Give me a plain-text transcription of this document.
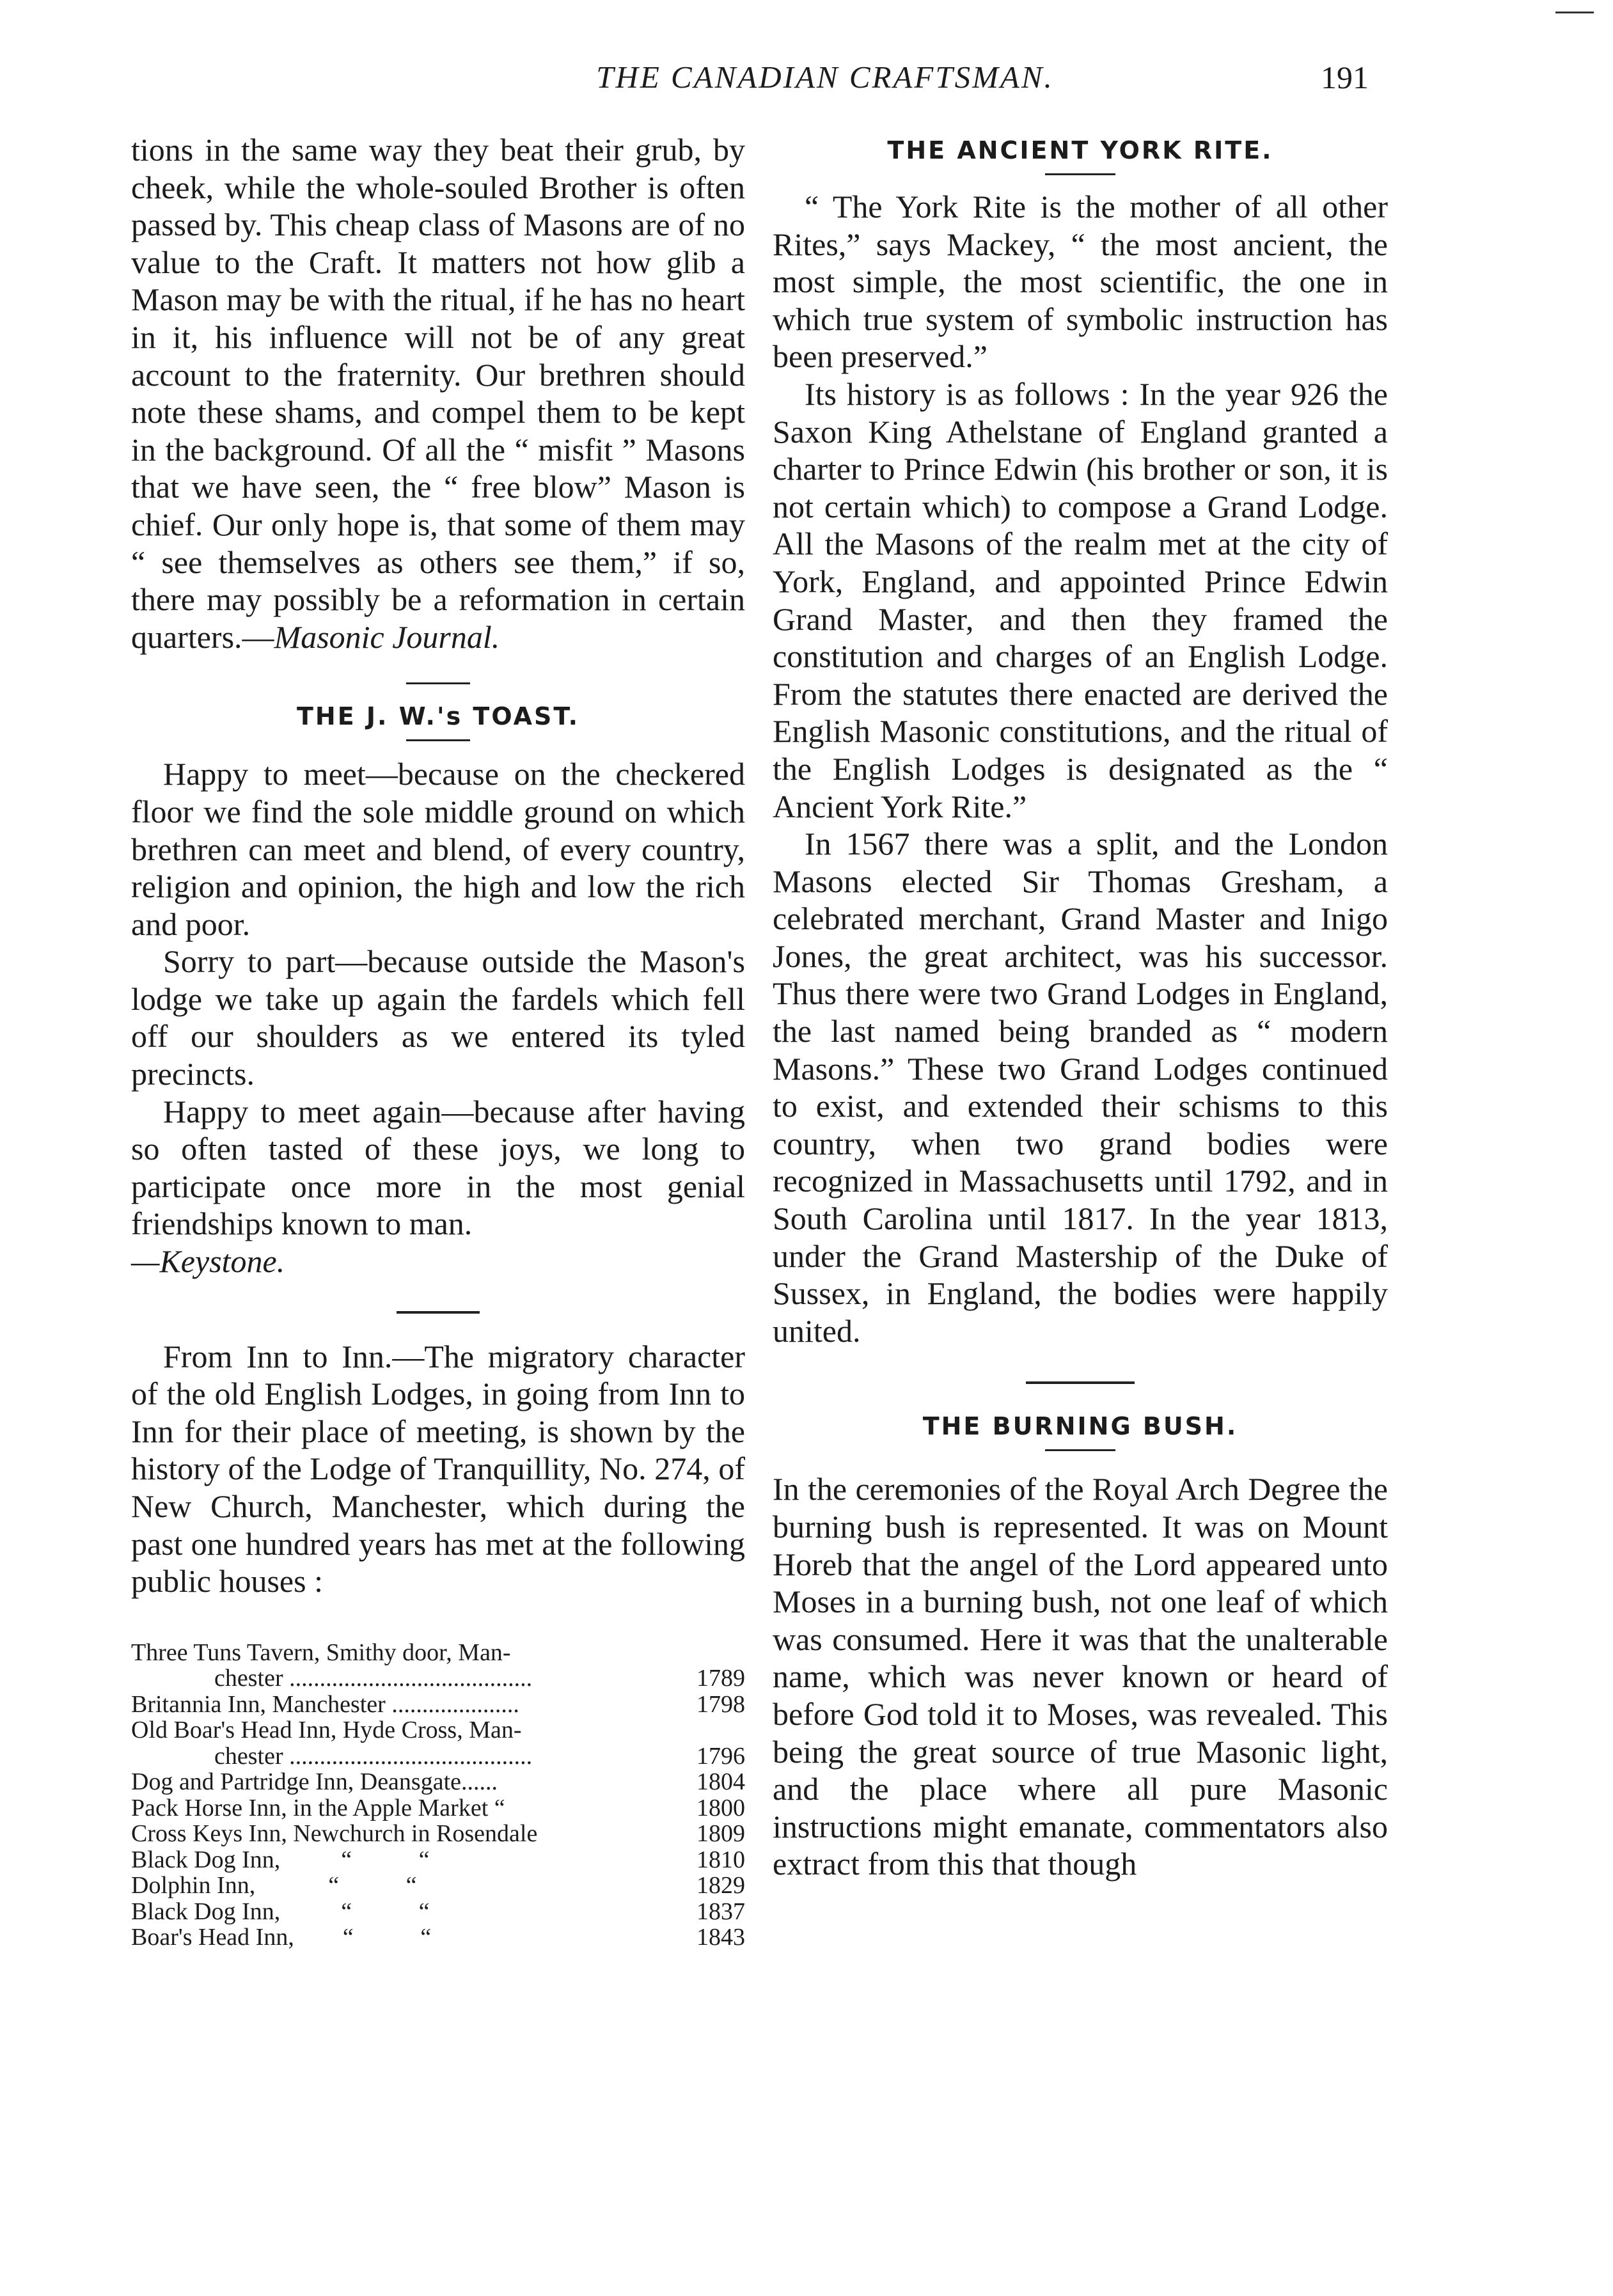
THE CANADIAN CRAFTSMAN.	191

tions in the same way they beat their grub, by cheek, while the whole-souled Brother is often passed by. This cheap class of Masons are of no value to the Craft. It matters not how glib a Mason may be with the ritual, if he has no heart in it, his influence will not be of any great account to the fraternity. Our brethren should note these shams, and compel them to be kept in the background. Of all the “ misfit ” Masons that we have seen, the “ free blow” Mason is chief. Our only hope is, that some of them may “ see themselves as others see them,” if so, there may possibly be a reformation in certain quarters.—Masonic Journal.

THE J. W.'s TOAST.

Happy to meet—because on the checkered floor we find the sole middle ground on which brethren can meet and blend, of every country, religion and opinion, the high and low the rich and poor.

Sorry to part—because outside the Mason's lodge we take up again the fardels which fell off our shoulders as we entered its tyled precincts.

Happy to meet again—because after having so often tasted of these joys, we long to participate once more in the most genial friendships known to man.

—Keystone.

From Inn to Inn.—The migratory character of the old English Lodges, in going from Inn to Inn for their place of meeting, is shown by the history of the Lodge of Tranquillity, No. 274, of New Church, Manchester, which during the past one hundred years has met at the following public houses :

Three Tuns Tavern, Smithy door, Man-
chester ........................................	1789
Britannia Inn, Manchester .....................	1798
Old Boar's Head Inn, Hyde Cross, Man-
chester ........................................	1796
Dog and Partridge Inn, Deansgate......	1804
Pack Horse Inn, in the Apple Market “	1800
Cross Keys Inn, Newchurch in Rosendale	1809
Black Dog Inn,          “           “	1810
Dolphin Inn,            “           “	1829
Black Dog Inn,          “           “	1837
Boar's Head Inn,        “           “	1843
THE ANCIENT YORK RITE.

“ The York Rite is the mother of all other Rites,” says Mackey, “ the most ancient, the most simple, the most scientific, the one in which true system of symbolic instruction has been preserved.”

Its history is as follows : In the year 926 the Saxon King Athelstane of England granted a charter to Prince Edwin (his brother or son, it is not certain which) to compose a Grand Lodge. All the Masons of the realm met at the city of York, England, and appointed Prince Edwin Grand Master, and then they framed the constitution and charges of an English Lodge. From the statutes there enacted are derived the English Masonic constitutions, and the ritual of the English Lodges is designated as the “ Ancient York Rite.”

In 1567 there was a split, and the London Masons elected Sir Thomas Gresham, a celebrated merchant, Grand Master and Inigo Jones, the great architect, was his successor. Thus there were two Grand Lodges in England, the last named being branded as “ modern Masons.” These two Grand Lodges continued to exist, and extended their schisms to this country, when two grand bodies were recognized in Massachusetts until 1792, and in South Carolina until 1817. In the year 1813, under the Grand Mastership of the Duke of Sussex, in England, the bodies were happily united.

THE BURNING BUSH.

In the ceremonies of the Royal Arch Degree the burning bush is represented. It was on Mount Horeb that the angel of the Lord appeared unto Moses in a burning bush, not one leaf of which was consumed. Here it was that the unalterable name, which was never known or heard of before God told it to Moses, was revealed. This being the great source of true Masonic light, and the place where all pure Masonic instructions might emanate, commentators also extract from this that though
